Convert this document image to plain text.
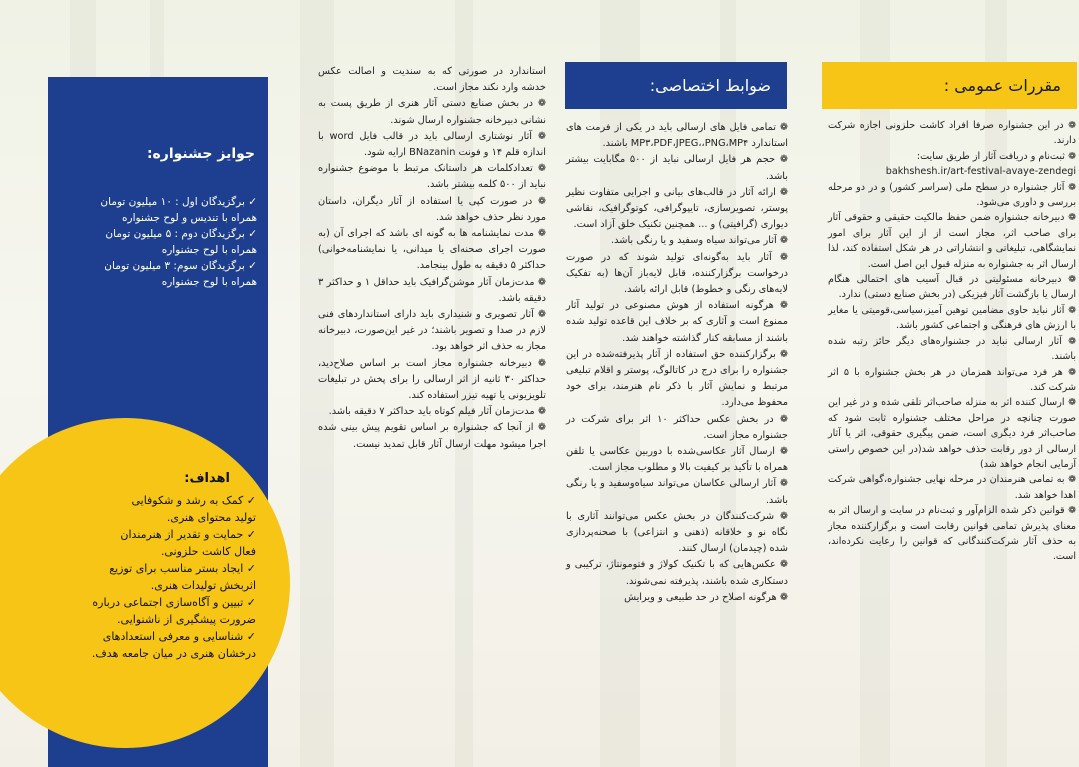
مقررات عمومی :

❁ در این جشنواره صرفا افراد کاشت حلزونی اجازه شرکت دارند.

❁ ثبت‌نام و دریافت آثار از طریق سایت:

bakhshesh.ir/art-festival-avaye-zendegi

❁ آثار جشنواره در سطح ملی (سراسر کشور) و در دو مرحله بررسی و داوری می‌شود.

❁ دبیرخانه جشنواره ضمن حفظ مالکیت حقیقی و حقوقی آثار برای صاحب اثر، مجاز است از از این آثار برای امور نمایشگاهی، تبلیغاتی و انتشاراتی در هر شکل استفاده کند، لذا ارسال اثر به جشنواره به منزله قبول این اصل است.

❁ دبیرخانه مسئولیتی در قبال آسیب های احتمالی هنگام ارسال یا بازگشت آثار فیزیکی (در بخش صنایع دستی) ندارد.

❁ آثار نباید حاوی مضامین توهین آمیز،سیاسی،قومیتی یا مغایر با ارزش های فرهنگی و اجتماعی کشور باشد.

❁ آثار ارسالی نباید در جشنواره‌های دیگر حائز رتبه شده باشند.

❁ هر فرد می‌تواند همزمان در هر بخش جشنواره با ۵ اثر شرکت کند.

❁ ارسال کننده اثر به منزله صاحب‌اثر تلقی شده و در غیر این صورت چنانچه در مراحل مختلف جشنواره ثابت شود که صاحب‌اثر فرد دیگری است، ضمن پیگیری حقوقی، اثر یا آثار ارسالی از دور رقابت حذف خواهد شد(در این خصوص راستی آزمایی انجام خواهد شد)

❁ به تمامی هنرمندان در مرحله نهایی جشنواره،گواهی شرکت اهدا خواهد شد.

❁ قوانین ذکر شده الزام‌آور و ثبت‌نام در سایت و ارسال اثر به معنای پذیرش تمامی قوانین رقابت است و برگزارکننده مجاز به حذف آثار شرکت‌کنندگانی که قوانین را رعایت نکرده‌اند، است.

ضوابط اختصاصی:

❁ تمامی فایل های ارسالی باید در یکی از فرمت های استاندارد MP۳،PDF،JPEG،،PNG،MP۴ باشند.

❁ حجم هر فایل ارسالی نباید از ۵۰۰ مگابایت بیشتر باشد.

❁ ارائه آثار در قالب‌های بیانی و اجرایی متفاوت نظیر پوستر، تصویرسازی، تایپوگرافی، کوتوگرافیک، نقاشی دیواری (گرافیتی) و ... همچنین تکنیک خلق آزاد است.

❁ آثار می‌تواند سیاه وسفید و یا رنگی باشد.

❁ آثار باید به‌گونه‌ای تولید شوند که در صورت درخواست برگزارکننده، قابل لایه‌باز آن‌ها (به تفکیک لایه‌های رنگی و خطوط) قابل ارائه باشد.

❁ هرگونه استفاده از هوش مصنوعی در تولید آثار ممنوع است و آثاری که بر خلاف این قاعده تولید شده باشند از مسابقه کنار گذاشته خواهند شد.

❁ برگزارکننده حق استفاده از آثار پذیرفته‌شده در این جشنواره را برای درج در کاتالوگ، پوستر و اقلام تبلیغی مرتبط و نمایش آثار با ذکر نام هنرمند، برای خود محفوظ می‌دارد.

❁ در بخش عکس حداکثر ۱۰ اثر برای شرکت در جشنواره مجاز است.

❁ ارسال آثار عکاسی‌شده با دوربین عکاسی یا تلفن همراه با تأکید بر کیفیت بالا و مطلوب مجاز است.

❁ آثار ارسالی عکاسان می‌تواند سیاه‌وسفید و یا رنگی باشد.

❁ شرکت‌کنندگان در بخش عکس می‌توانند آثاری با نگاه نو و خلاقانه (ذهنی و انتزاعی) با صحنه‌پردازی شده (چیدمان) ارسال کنند.

❁ عکس‌هایی که با تکنیک کولاژ و فتومونتاژ، ترکیبی و دستکاری شده باشند، پذیرفته نمی‌شوند.

❁ هرگونه اصلاح در حد طبیعی و ویرایش

استاندارد در صورتی که به سندیت و اصالت عکس خدشه وارد نکند مجاز است.

❁ در بخش صنایع دستی آثار هنری از طریق پست به نشانی دبیرخانه جشنواره ارسال شوند.

❁ آثار نوشتاری ارسالی باید در قالب فایل word با اندازه قلم ۱۴ و فونت BNazanin ارایه شود.

❁ تعدادکلمات هر داستانک مرتبط با موضوع جشنواره نباید از ۵۰۰ کلمه بیشتر باشد.

❁ در صورت کپی یا استفاده از آثار دیگران، داستان مورد نظر حذف خواهد شد.

❁ مدت نمایشنامه ها به گونه ای باشد که اجرای آن (به صورت اجرای صحنه‌ای یا میدانی، یا نمایشنامه‌خوانی) حداکثر ۵ دقیقه به طول بینجامد.

❁ مدت‌زمان آثار موشن‌گرافیک باید حداقل ۱ و حداکثر ۳ دقیقه باشد.

❁ آثار تصویری و شنیداری باید دارای استانداردهای فنی لازم در صدا و تصویر باشند؛ در غیر این‌صورت، دبیرخانه مجاز به حذف اثر خواهد بود.

❁ دبیرخانه جشنواره مجاز است بر اساس صلاح‌دید، حداکثر ۳۰ ثانیه از اثر ارسالی را برای پخش در تبلیغات تلویزیونی یا تهیه تیزر استفاده کند.

❁ مدت‌زمان آثار فیلم کوتاه باید حداکثر ۷ دقیقه باشد.

❁ از آنجا که جشنواره بر اساس تقویم پیش بینی شده اجرا میشود مهلت ارسال آثار قابل تمدید نیست.

جوایز جشنواره:

✓ برگزیدگان اول : ۱۰ میلیون تومان

همراه با تندیس و لوح جشنواره

✓ برگزیدگان دوم : ۵ میلیون تومان

همراه با لوح جشنواره

✓ برگزیدگان سوم: ۳ میلیون تومان

همراه با لوح جشنواره

اهداف:

✓ کمک به رشد و شکوفایی

تولید محتوای هنری.

✓ حمایت و تقدیر از هنرمندان

فعال کاشت حلزونی.

✓ ایجاد بستر مناسب برای توزیع

اثربخش تولیدات هنری.

✓ تبیین و آگاه‌سازی اجتماعی درباره

ضرورت پیشگیری از ناشنوایی.

✓ شناسایی و معرفی استعدادهای

درخشان هنری در میان جامعه هدف.
